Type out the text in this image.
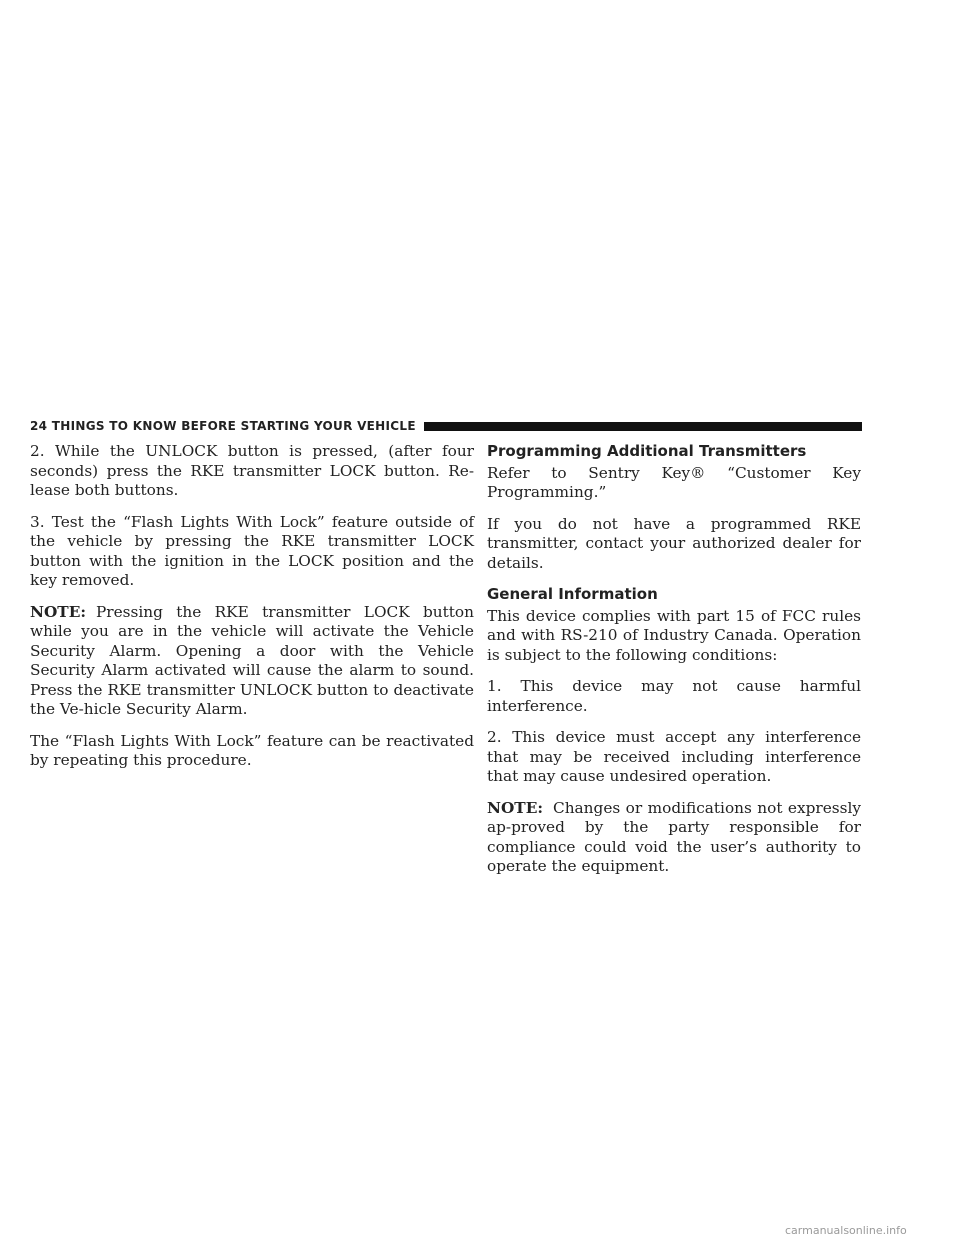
24 THINGS TO KNOW BEFORE STARTING YOUR VEHICLE

2. While the UNLOCK button is pressed, (after four seconds) press the RKE transmitter LOCK button. Re-lease both buttons.

3. Test the “Flash Lights With Lock” feature outside of the vehicle by pressing the RKE transmitter LOCK button with the ignition in the LOCK position and the key removed.

NOTE: Pressing the RKE transmitter LOCK button while you are in the vehicle will activate the Vehicle Security Alarm. Opening a door with the Vehicle Security Alarm activated will cause the alarm to sound. Press the RKE transmitter UNLOCK button to deactivate the Ve-hicle Security Alarm.

The “Flash Lights With Lock” feature can be reactivated by repeating this procedure.

Programming Additional Transmitters

Refer to Sentry Key® “Customer Key Programming.”

If you do not have a programmed RKE transmitter, contact your authorized dealer for details.

General Information

This device complies with part 15 of FCC rules and with RS-210 of Industry Canada. Operation is subject to the following conditions:

1. This device may not cause harmful interference.

2. This device must accept any interference that may be received including interference that may cause undesired operation.

NOTE: Changes or modifications not expressly ap-proved by the party responsible for compliance could void the user’s authority to operate the equipment.

carmanualsonline.info
